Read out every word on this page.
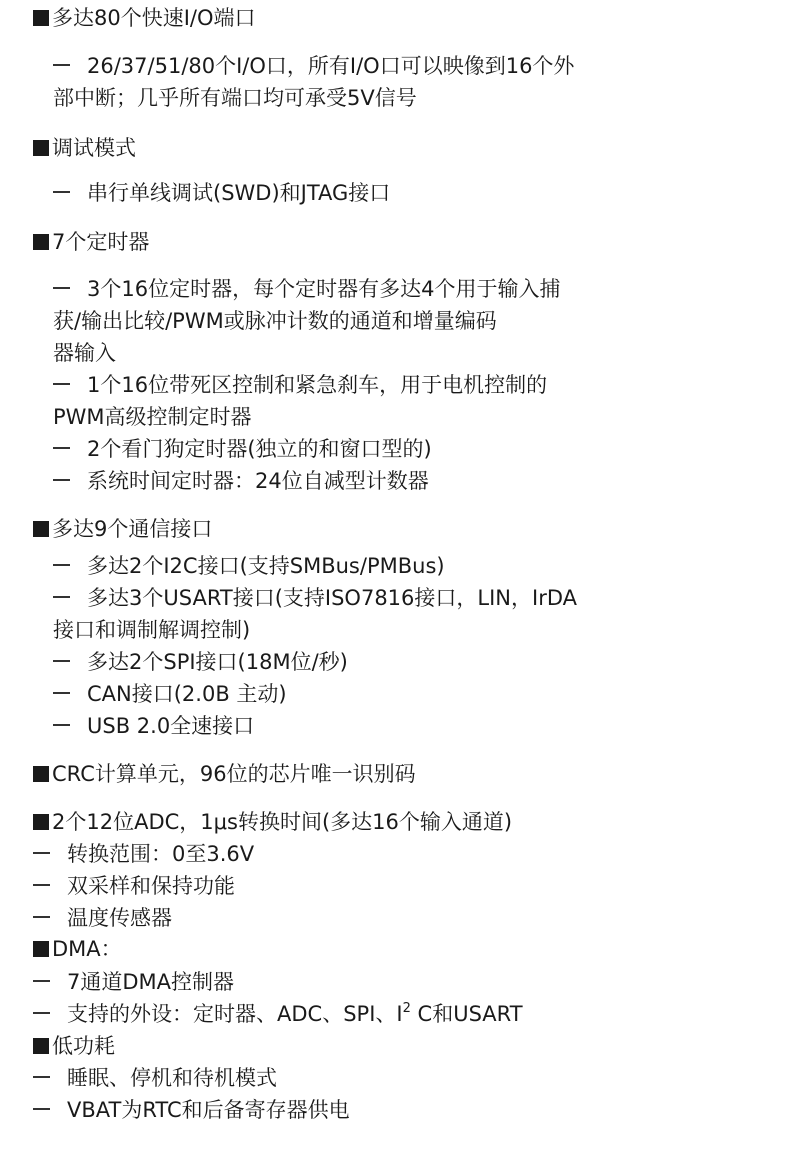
多达80个快速I/O端口
26/37/51/80个I/O口，所有I/O口可以映像到16个外
部中断；几乎所有端口均可承受5V信号
调试模式
串行单线调试(SWD)和JTAG接口
7个定时器
3个16位定时器，每个定时器有多达4个用于输入捕
获/输出比较/PWM或脉冲计数的通道和增量编码
器输入
1个16位带死区控制和紧急刹车，用于电机控制的
PWM高级控制定时器
2个看门狗定时器(独立的和窗口型的)
系统时间定时器：24位自减型计数器
多达9个通信接口
多达2个I2C接口(支持SMBus/PMBus)
多达3个USART接口(支持ISO7816接口，LIN，IrDA
接口和调制解调控制)
多达2个SPI接口(18M位/秒)
CAN接口(2.0B 主动)
USB 2.0全速接口
CRC计算单元，96位的芯片唯一识别码
2个12位ADC，1μs转换时间(多达16个输入通道)
转换范围：0至3.6V
双采样和保持功能
温度传感器
DMA：
7通道DMA控制器
支持的外设：定时器、ADC、SPI、$I^2$ C和USART
低功耗
睡眠、停机和待机模式
VBAT为RTC和后备寄存器供电
